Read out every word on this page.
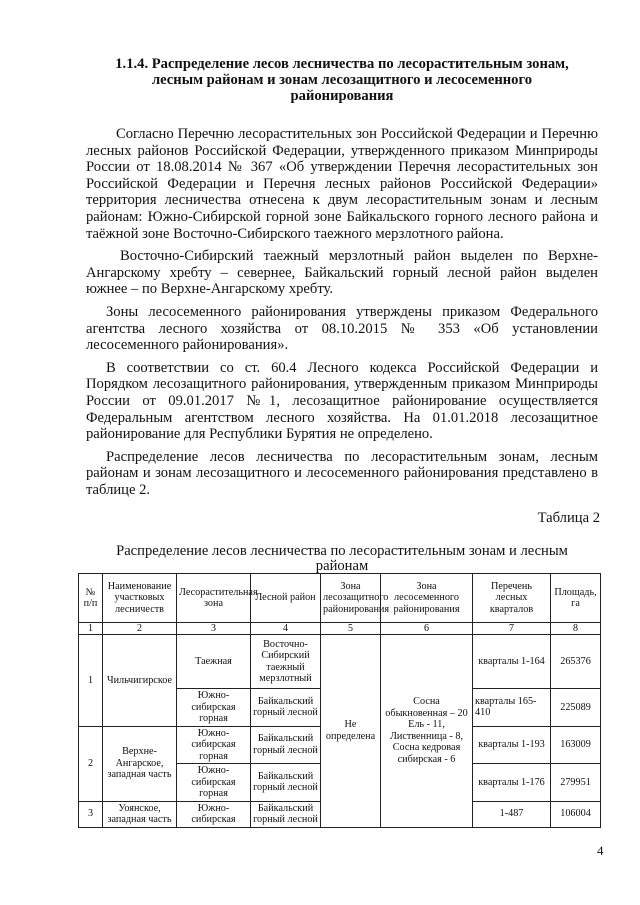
1.1.4. Распределение лесов лесничества по лесорастительным зонам,
лесным районам и зонам лесозащитного и лесосеменного
районирования

Согласно Перечню лесорастительных зон Российской Федерации и Перечню лесных районов Российской Федерации, утвержденного приказом Минприроды России от 18.08.2014 № 367 «Об утверждении Перечня лесорастительных зон Российской Федерации и Перечня лесных районов Российской Федерации» территория лесничества отнесена к двум лесорастительным зонам и лесным районам: Южно-Сибирской горной зоне Байкальского горного лесного района и таёжной зоне Восточно-Сибирского таежного мерзлотного района.

Восточно-Сибирский таежный мерзлотный район выделен по Верхне-Ангарскому хребту – севернее, Байкальский горный лесной район выделен южнее – по Верхне-Ангарскому хребту.

Зоны лесосеменного районирования утверждены приказом Федерального агентства лесного хозяйства от 08.10.2015 № 353 «Об установлении лесосеменного районирования».

В соответствии со ст. 60.4 Лесного кодекса Российской Федерации и Порядком лесозащитного районирования, утвержденным приказом Минприроды России от 09.01.2017 №1, лесозащитное районирование осуществляется Федеральным агентством лесного хозяйства. На 01.01.2018 лесозащитное районирование для Республики Бурятия не определено.

Распределение лесов лесничества по лесорастительным зонам, лесным районам и зонам лесозащитного и лесосеменного районирования представлено в таблице 2.

Таблица 2
Распределение лесов лесничества по лесорастительным зонам и лесным
районам
№ п/п	Наименование участковых лесничеств	Лесорастительная зона	Лесной район	Зона лесозащитного районирования	Зона лесосеменного районирования	Перечень лесных кварталов	Площадь, га
1	2	3	4	5	6	7	8
1	Чильчигирское	Таежная	Восточно-Сибирский таежный мерзлотный	Не определена	Сосна обыкновенная – 20 Ель - 11, Лиственница - 8, Сосна кедровая сибирская - 6	кварталы 1-164	265376
		Южно-сибирская горная	Байкальский горный лесной			кварталы 165-410	225089
2	Верхне-Ангарское, западная часть	Южно-сибирская горная	Байкальский горный лесной			кварталы 1-193	163009
		Южно-сибирская горная	Байкальский горный лесной			кварталы 1-176	279951
3	Уоянское, западная часть	Южно-сибирская	Байкальский горный лесной			1-487	106004
4
